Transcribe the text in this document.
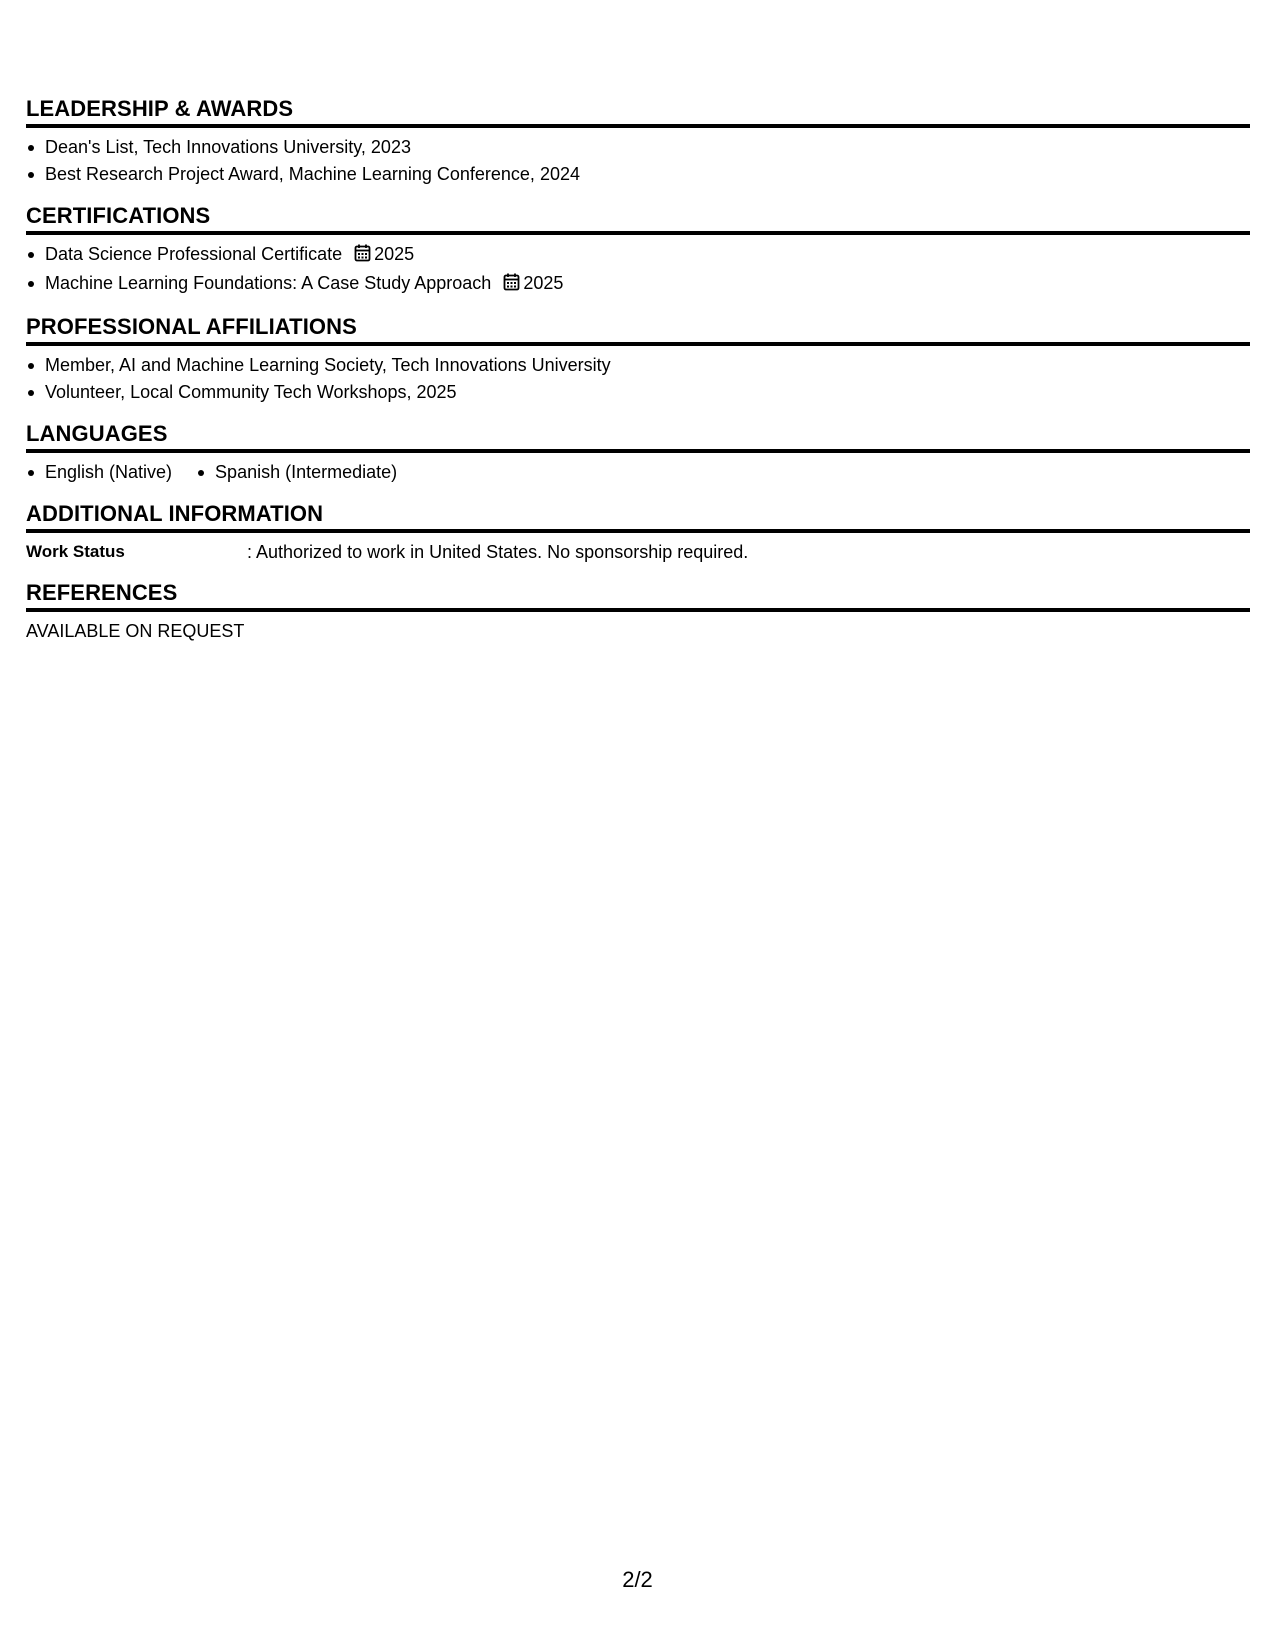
LEADERSHIP & AWARDS
Dean's List, Tech Innovations University, 2023
Best Research Project Award, Machine Learning Conference, 2024
CERTIFICATIONS
Data Science Professional Certificate 2025
Machine Learning Foundations: A Case Study Approach 2025
PROFESSIONAL AFFILIATIONS
Member, AI and Machine Learning Society, Tech Innovations University
Volunteer, Local Community Tech Workshops, 2025
LANGUAGES
English (Native)	Spanish (Intermediate)
ADDITIONAL INFORMATION
Work Status	: Authorized to work in United States. No sponsorship required.
REFERENCES
AVAILABLE ON REQUEST
2/2
